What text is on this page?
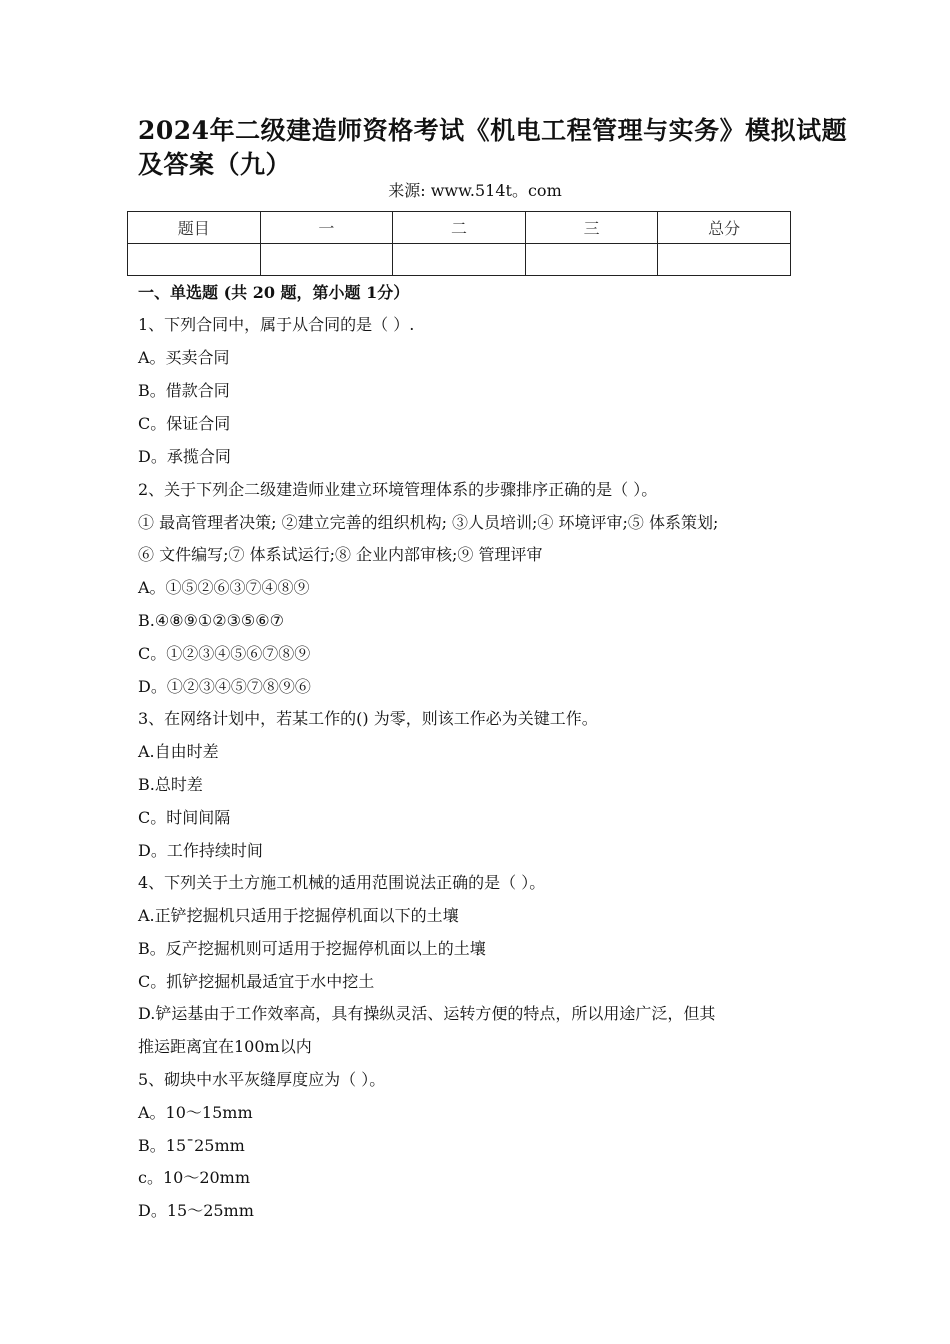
2024年二级建造师资格考试《机电工程管理与实务》模拟试题及答案（九）
来源: www.514t。com
题目	一	二	三	总分

一、单选题 (共 20 题，第小题 1分）
1、下列合同中，属于从合同的是（ ）.
A。买卖合同
B。借款合同
C。保证合同
D。承揽合同
2、关于下列企二级建造师业建立环境管理体系的步骤排序正确的是（ ）。
① 最高管理者决策; ②建立完善的组织机构; ③人员培训;④ 环境评审;⑤ 体系策划;
⑥ 文件编写;⑦ 体系试运行;⑧ 企业内部审核;⑨ 管理评审
A。①⑤②⑥③⑦④⑧⑨
B.④⑧⑨①②③⑤⑥⑦
C。①②③④⑤⑥⑦⑧⑨
D。①②③④⑤⑦⑧⑨⑥
3、在网络计划中，若某工作的() 为零，则该工作必为关键工作。
A.自由时差
B.总时差
C。时间间隔
D。工作持续时间
4、下列关于土方施工机械的适用范围说法正确的是（ ）。
A.正铲挖掘机只适用于挖掘停机面以下的土壤
B。反产挖掘机则可适用于挖掘停机面以上的土壤
C。抓铲挖掘机最适宜于水中挖土
D.铲运基由于工作效率高，具有操纵灵活、运转方便的特点，所以用途广泛，但其
推运距离宜在100m以内
5、砌块中水平灰缝厚度应为（ ）。
A。10～15mm
B。15¯25mm
c。10～20mm
D。15～25mm
